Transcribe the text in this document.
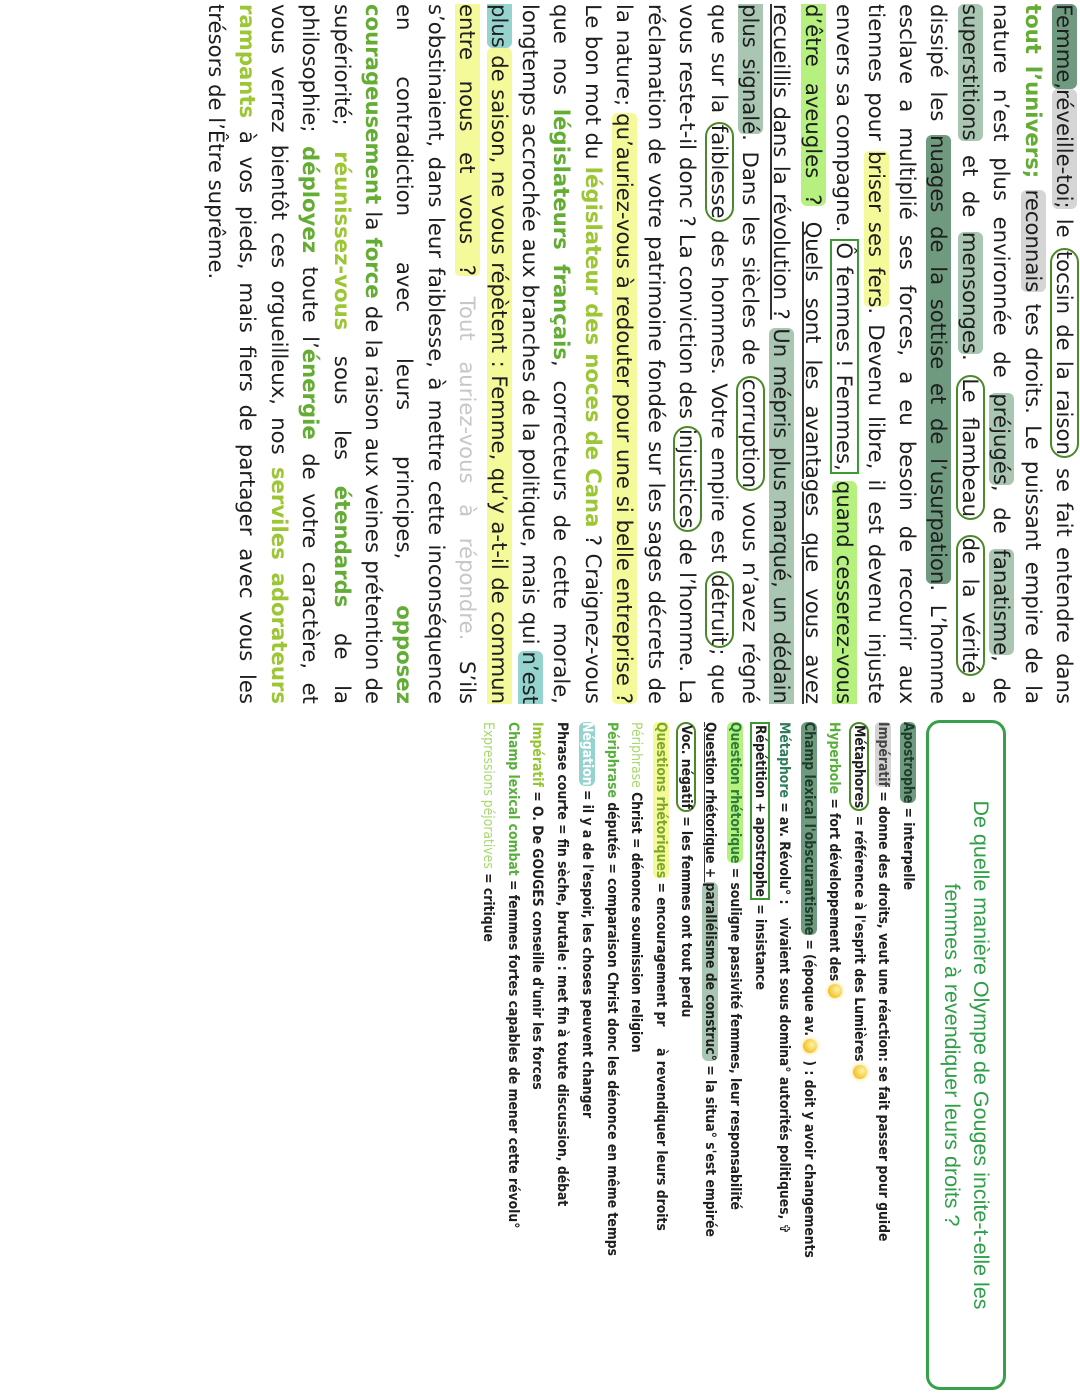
Femme,réveille-toi; le tocsin de la raison se fait entendre dans tout l’univers; reconnais tes droits. Le puissant empire de la nature n’est plus environnée de préjugés, de fanatisme, de superstitions et de mensonges. Le flambeau de la vérité a dissipé les nuages de la sottise et de l’usurpation. L’homme esclave a multiplié ses forces, a eu besoin de recourir aux tiennes pour briser ses fers. Devenu libre, il est devenu injuste envers sa compagne. Ô femmes ! Femmes, quand cesserez-vous d’être aveugles ? Quels sont les avantages que vous avez recueillis dans la révolution ? Un mépris plus marqué, un dédain plus signalé. Dans les siècles de corruption vous n’avez régné que sur la faiblesse des hommes. Votre empire est détruit; que vous reste-t-il donc ? La conviction des injustices de l’homme. La réclamation de votre patrimoine fondée sur les sages décrets de la nature; qu’auriez-vous à redouter pour une si belle entreprise ? Le bon mot du législateur des noces de Cana ? Craignez-vous que nos législateurs français, correcteurs de cette morale, longtemps accrochée aux branches de la politique, mais qui n’est plus de saison, ne vous répètent : Femme, qu’y a-t-il de commun entre nous et vous ? Tout auriez-vous à répondre. S’ils s’obstinaient, dans leur faiblesse, à mettre cette inconséquence en contradiction avec leurs principes, opposez courageusement la force de la raison aux veines prétention de supériorité; réunissez-vous sous les étendards de la philosophie; déployez toute l’énergie de votre caractère, et vous verrez bientôt ces orgueilleux, nos serviles adorateurs rampants à vos pieds, mais fiers de partager avec vous les trésors de l’Être suprême.

De quelle manière Olympe de Gouges incite-t-elle les femmes à revendiquer leurs droits ?
Apostrophe = interpelle
Impératif = donne des droits, veut une réaction: se fait passer pour guide
Métaphores = référence à l'esprit des Lumières
Hyperbole = fort développement des
Champ lexical l'obscurantisme = (époque av. ) : doit y avoir changements
Métaphore = av. Révolu° :   vivaient sous domina° autorités politiques, ✞
Répétition + apostrophe = insistance
Question rhétorique = souligne passivité femmes, leur responsabilité
Question rhétorique + parallélisme de construc° = la situa° s'est empirée
Voc. négatif = les femmes ont tout perdu
Questions rhétoriques = encouragement pr     à revendiquer leurs droits
Périphrase Christ = dénonce soumission religion
Périphrase députés = comparaison Christ donc les dénonce en même temps
Négation = il y a de l'espoir, les choses peuvent changer
Phrase courte = fin sèche, brutale : met fin à toute discussion, débat
Impératif = O. De GOUGES conseille d'unir les forces
Champ lexical combat = femmes fortes capables de mener cette révolu°
Expressions péjoratives = critique
